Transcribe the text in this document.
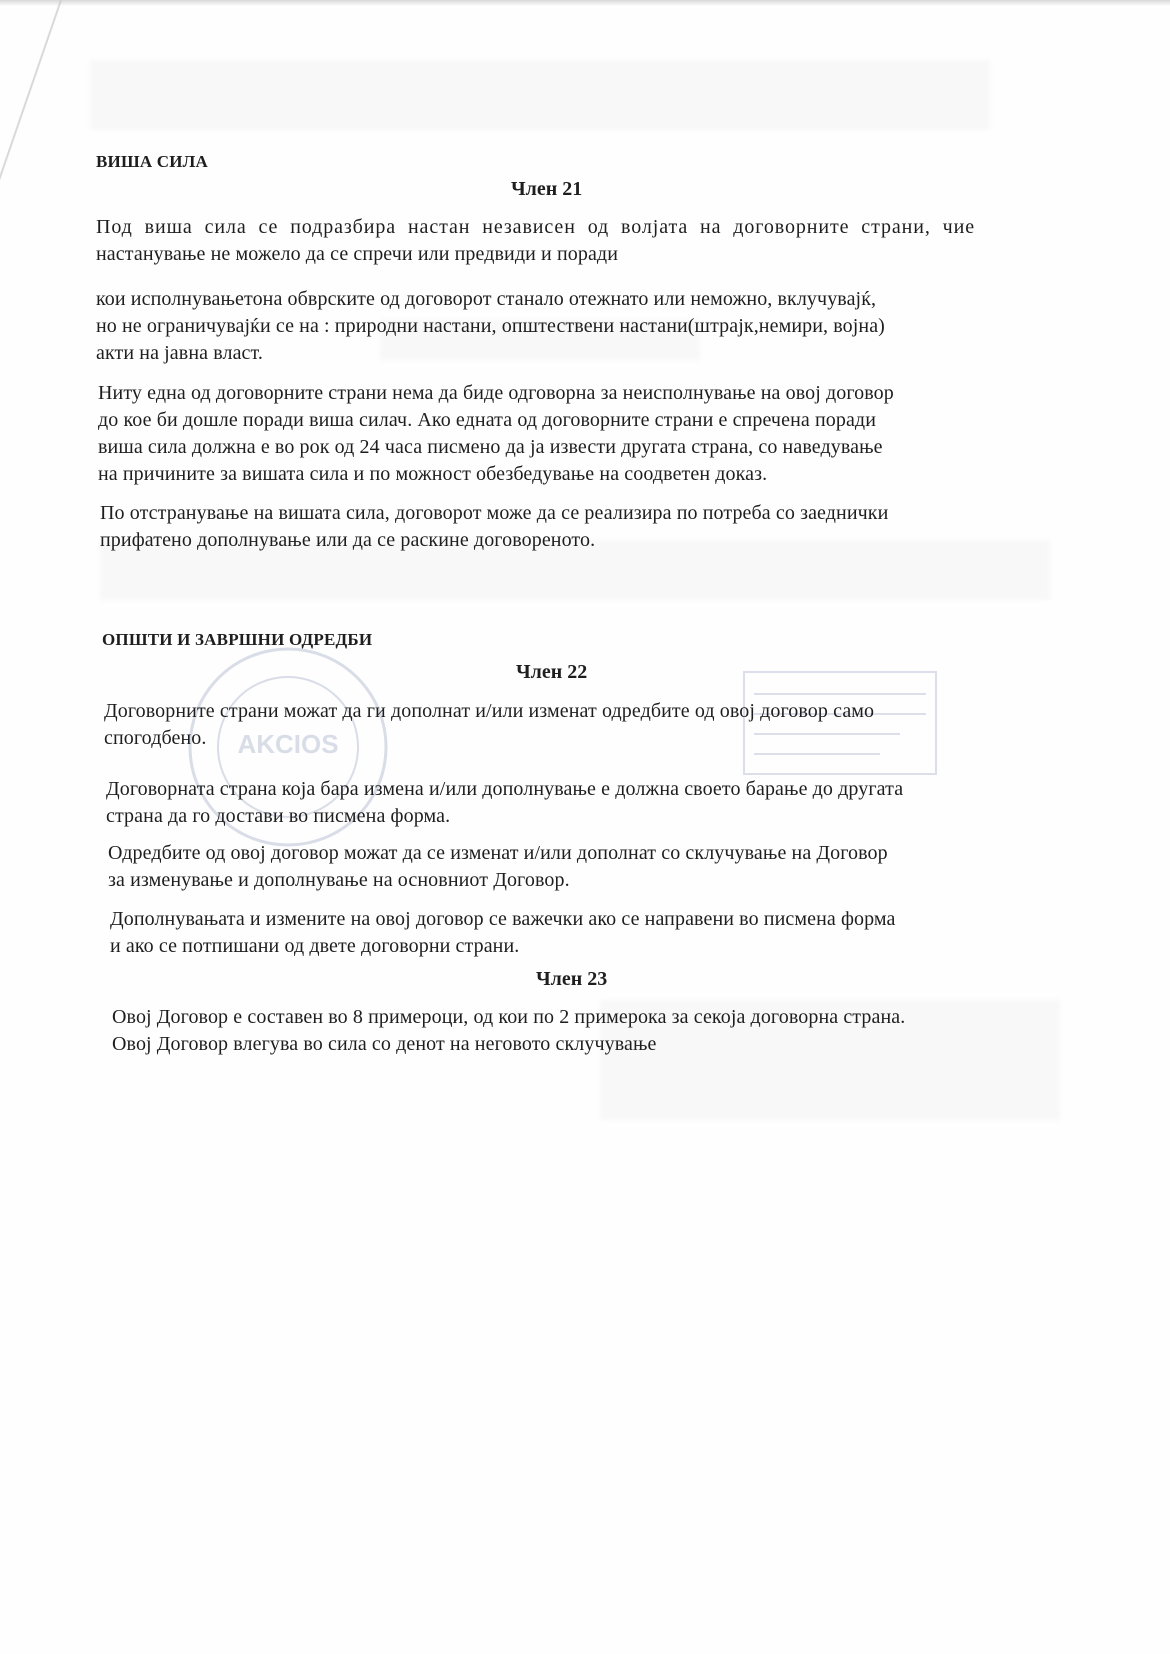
AKCIOS
ВИША СИЛА
Член 21
Под виша сила се подразбира настан независен од волјата на договорните страни, чие
настанување не можело да се спречи или предвиди и поради
кои исполнувањетона обврските од договорот станало отежнато или неможно, вклучувајќ,
но не ограничувајќи се на : природни настани, општествени настани(штрајк,немири, војна)
акти на јавна власт.
Ниту една од договорните страни нема да биде одговорна за неисполнување на овој договор
до кое би дошле поради виша силач. Ако едната од договорните страни е спречена поради
виша сила должна е во рок од 24 часа писмено да ја извести другата страна, со наведување
на причините за вишата сила и по можност обезбедување на соодветен доказ.
По отстранување на вишата сила, договорот може да се реализира по потреба со заеднички
прифатено дополнување или да се раскине договореното.
ОПШТИ И ЗАВРШНИ ОДРЕДБИ
Член 22
Договорните страни можат да ги дополнат и/или изменат одредбите од овој договор само
спогодбено.
Договорната страна која бара измена и/или дополнување е должна своето барање до другата
страна да го достави во писмена форма.
Одредбите од овој договор можат да се изменат и/или дополнат со склучување на Договор
за изменување и дополнување на основниот Договор.
Дополнувањата и измените на овој договор се важечки ако се направени во писмена форма
и ако се потпишани од двете договорни страни.
Член 23
Овој Договор е составен во 8 примероци, од кои по 2 примерока за секоја договорна страна.
Овој Договор влегува во сила со денот на неговото склучување
